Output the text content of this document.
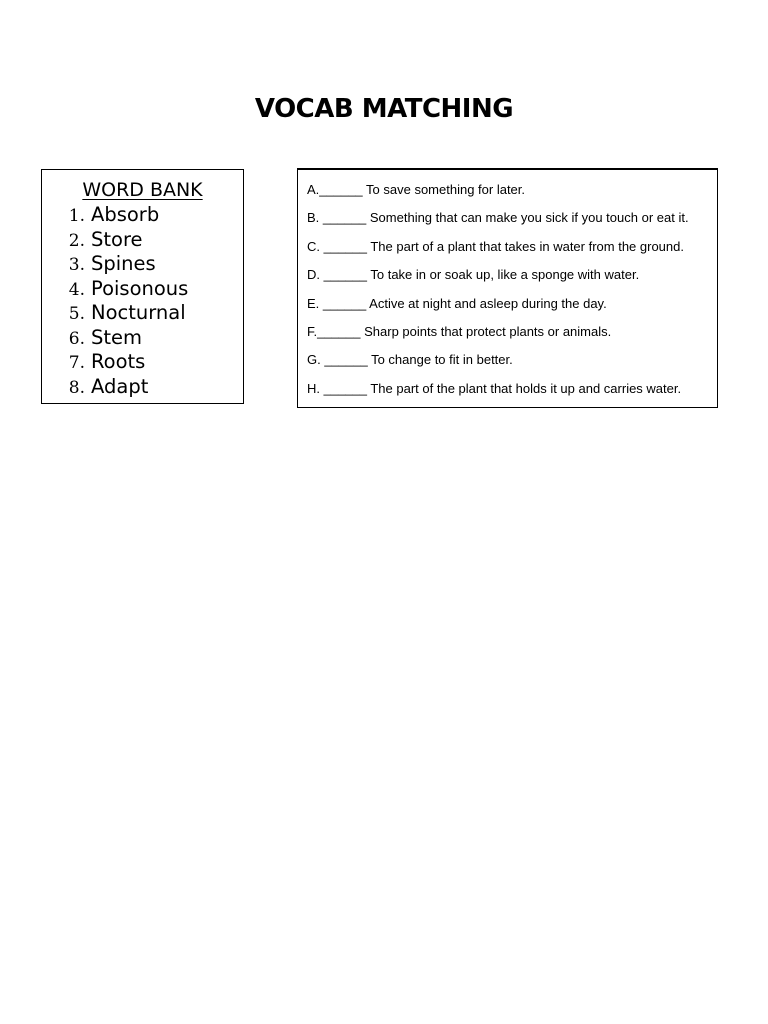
VOCAB MATCHING
WORD BANK
1. Absorb
2. Store
3. Spines
4. Poisonous
5. Nocturnal
6. Stem
7. Roots
8. Adapt
A.______ To save something for later.
B. ______ Something that can make you sick if you touch or eat it.
C. ______ The part of a plant that takes in water from the ground.
D. ______ To take in or soak up, like a sponge with water.
E. ______ Active at night and asleep during the day.
F.______ Sharp points that protect plants or animals.
G. ______ To change to fit in better.
H. ______ The part of the plant that holds it up and carries water.
